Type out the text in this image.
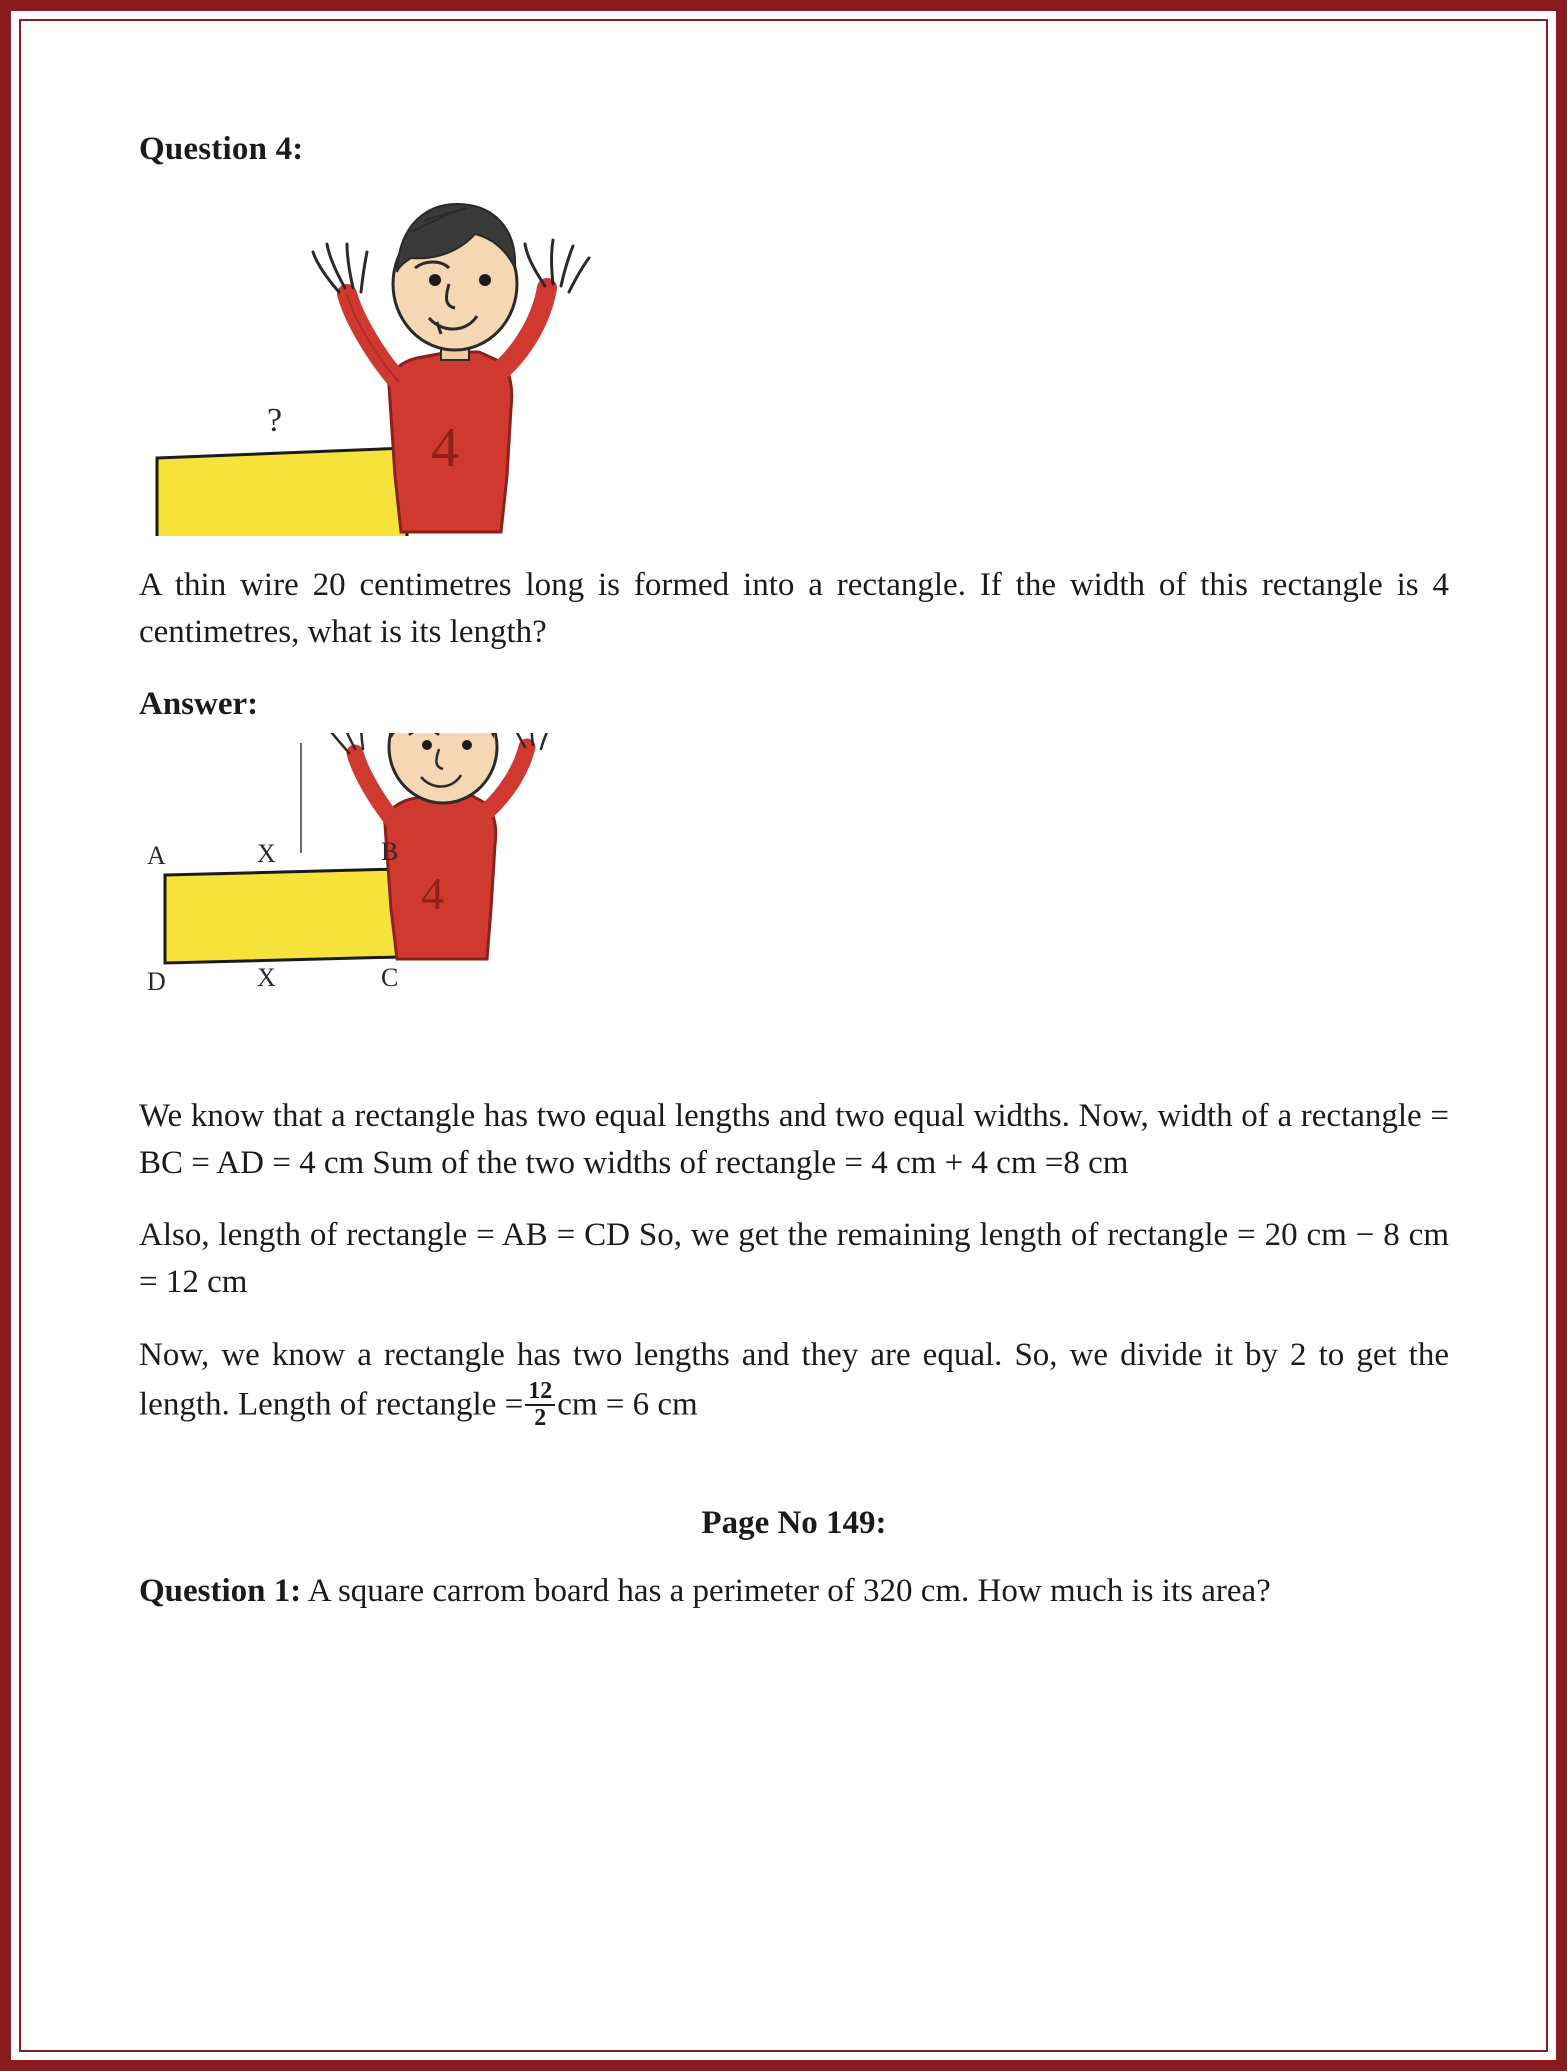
Question 4:
?	4
A thin wire 20 centimetres long is formed into a rectangle. If the width of this rectangle is 4 centimetres, what is its length?
Answer:
4
A	X	B
D	X	C
We know that a rectangle has two equal lengths and two equal widths. Now, width of a rectangle = BC = AD = 4 cm Sum of the two widths of rectangle = 4 cm + 4 cm =8 cm
Also, length of rectangle = AB = CD So, we get the remaining length of rectangle = 20 cm − 8 cm = 12 cm
Now, we know a rectangle has two lengths and they are equal. So, we divide it by 2 to get the length. Length of rectangle = $\frac{12}{2}$ cm = 6 cm
Page No 149:
Question 1: A square carrom board has a perimeter of 320 cm. How much is its area?
